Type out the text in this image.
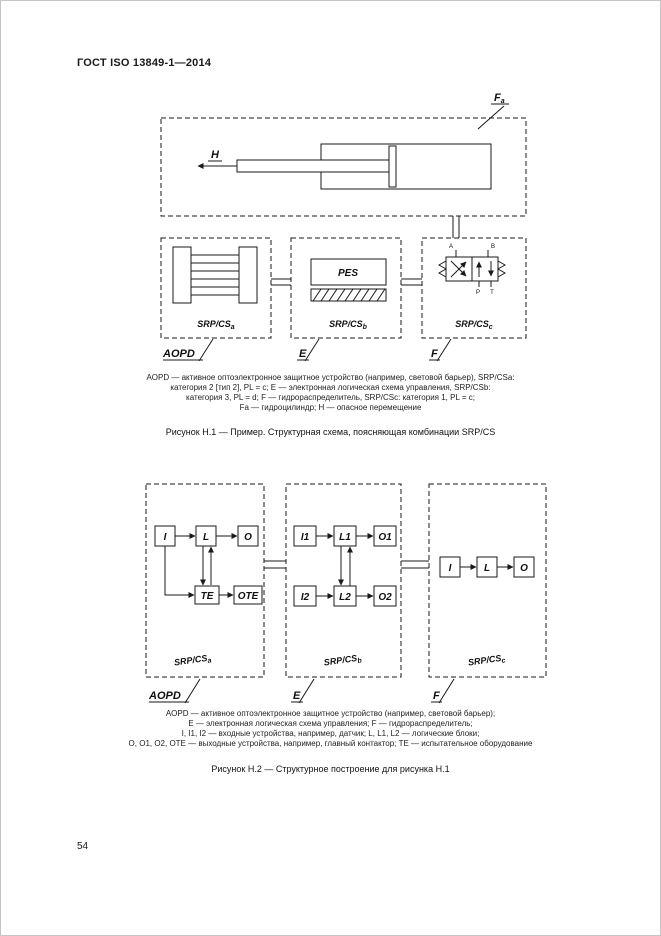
ГОСТ ISO 13849-1—2014
Fa
H
SRP/$CS_a$
PES
SRP/$CS_b$
A	B
P T
SRP/$CS_c$
AOPD	E	F
AOPD — активное оптоэлектронное защитное устройство (например, световой барьер), SRP/CSa:
категория 2 [тип 2], PL = c; E — электронная логическая схема управления, SRP/CSb:
категория 3, PL = d; F — гидрораспределитель, SRP/CSc: категория 1, PL = c;
Fa — гидроцилиндр; H — опасное перемещение
Рисунок Н.1 — Пример. Структурная схема, поясняющая комбинации SRP/CS
I	L	O
TE OTE
SRP/$CS_a$
AOPD
I1	L1	O1
I2	L2	O2
SRP/$CS_b$
E
I	L	O
SRP/$CS_c$
F
AOPD — активное оптоэлектронное защитное устройство (например, световой барьер);
E — электронная логическая схема управления; F — гидрораспределитель;
I, I1, I2 — входные устройства, например, датчик; L, L1, L2 — логические блоки;
O, O1, O2, OTE — выходные устройства, например, главный контактор; TE — испытательное оборудование
Рисунок Н.2 — Структурное построение для рисунка Н.1
54
